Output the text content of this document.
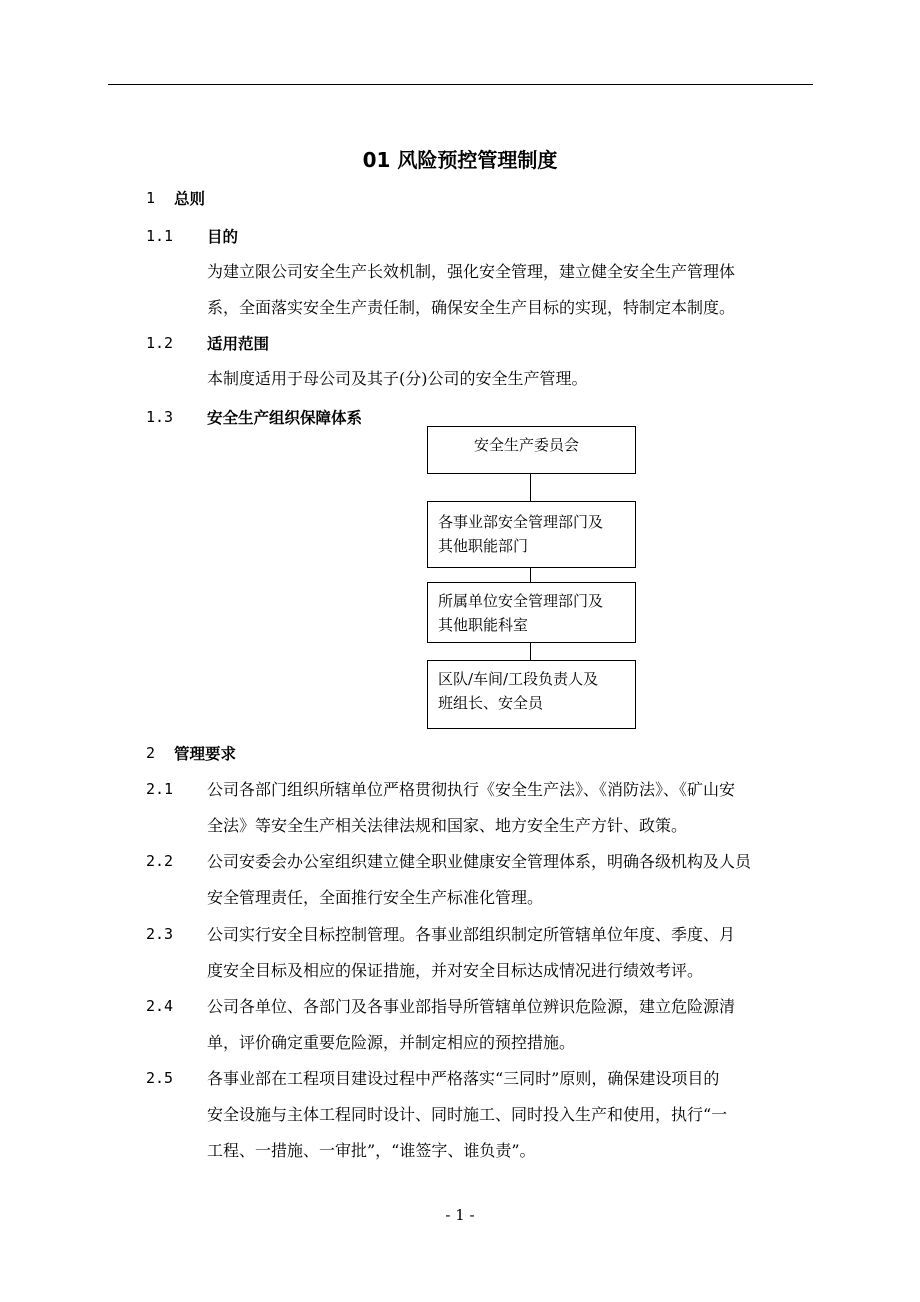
01 风险预控管理制度
1 总则
1.1 目的
为建立限公司安全生产长效机制，强化安全管理，建立健全安全生产管理体
系，全面落实安全生产责任制，确保安全生产目标的实现，特制定本制度。
1.2 适用范围
本制度适用于母公司及其子(分)公司的安全生产管理。
1.3 安全生产组织保障体系
安全生产委员会
各事业部安全管理部门及
其他职能部门
所属单位安全管理部门及
其他职能科室
区队/车间/工段负责人及
班组长、安全员
2 管理要求
2.1 公司各部门组织所辖单位严格贯彻执行《安全生产法》、《消防法》、《矿山安
全法》等安全生产相关法律法规和国家、地方安全生产方针、政策。
2.2 公司安委会办公室组织建立健全职业健康安全管理体系，明确各级机构及人员
安全管理责任，全面推行安全生产标准化管理。
2.3 公司实行安全目标控制管理。各事业部组织制定所管辖单位年度、季度、月
度安全目标及相应的保证措施，并对安全目标达成情况进行绩效考评。
2.4 公司各单位、各部门及各事业部指导所管辖单位辨识危险源，建立危险源清
单，评价确定重要危险源，并制定相应的预控措施。
2.5 各事业部在工程项目建设过程中严格落实“三同时”原则，确保建设项目的
安全设施与主体工程同时设计、同时施工、同时投入生产和使用，执行“一
工程、一措施、一审批”，“谁签字、谁负责”。
- 1 -
